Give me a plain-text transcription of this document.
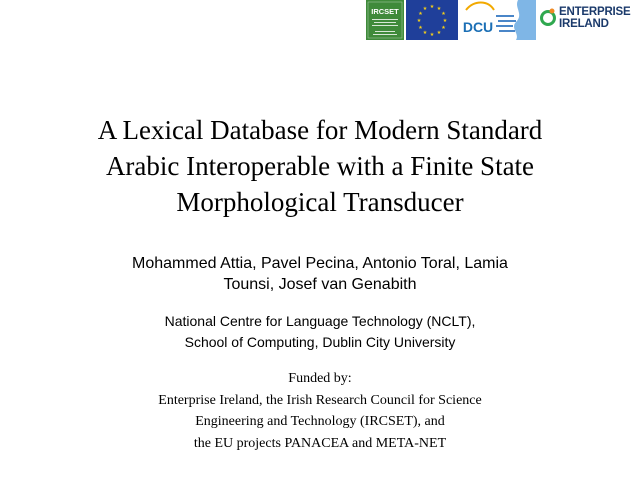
IRCSET	★ ★
★
★
★
★
★
★
★
★
★
★
DCU
ENTERPRISE
IRELAND
A Lexical Database for Modern Standard
Arabic Interoperable with a Finite State
Morphological Transducer
Mohammed Attia, Pavel Pecina, Antonio Toral, Lamia
Tounsi, Josef van Genabith
National Centre for Language Technology (NCLT),
School of Computing, Dublin City University
Funded by:
Enterprise Ireland, the Irish Research Council for Science
Engineering and Technology (IRCSET), and
the EU projects PANACEA and META-NET
